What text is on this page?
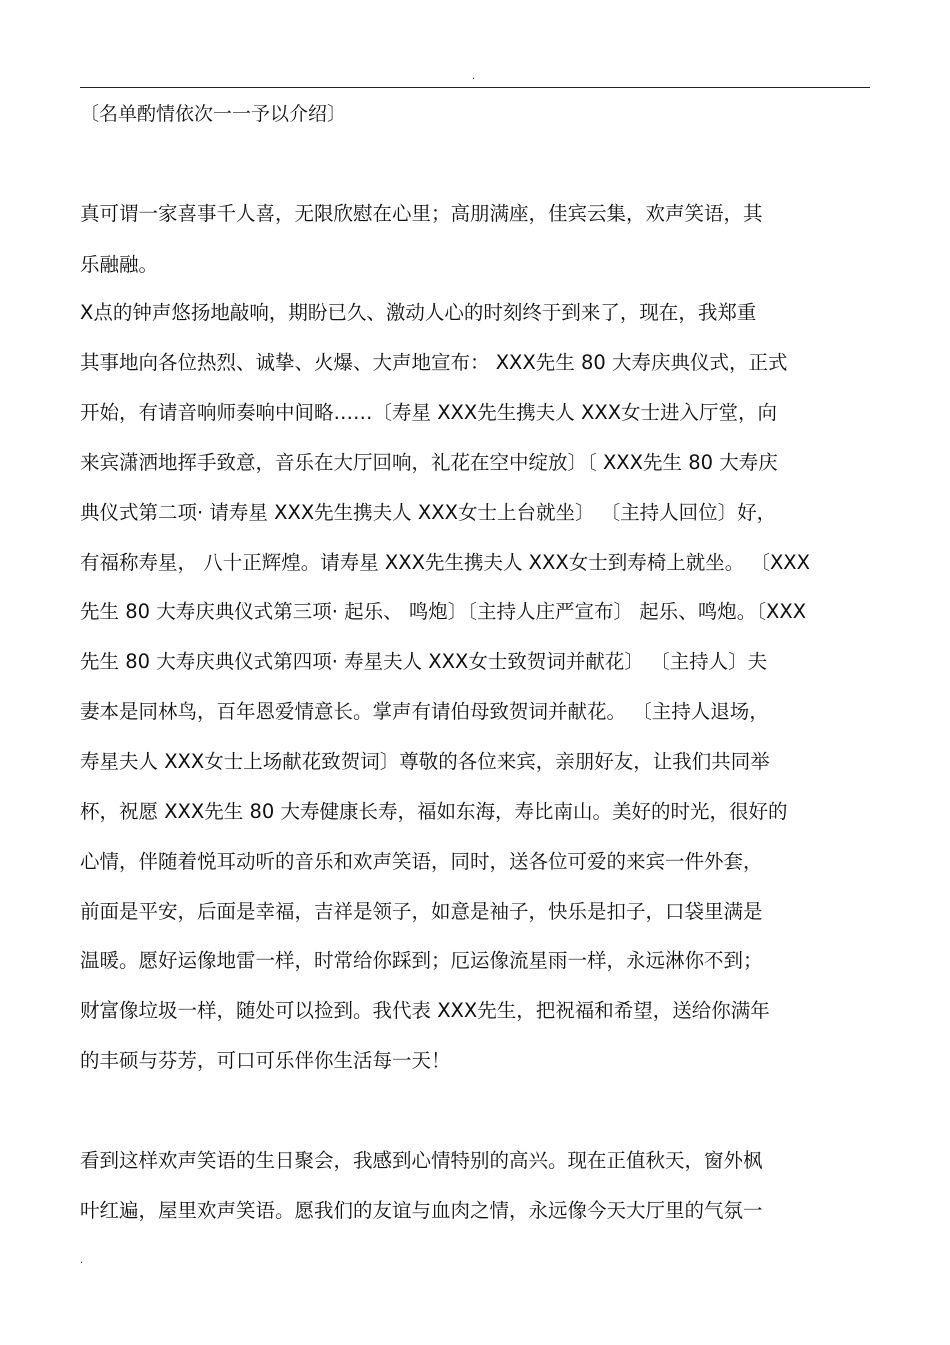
.
〔名单酌情依次一一予以介绍〕
真可谓一家喜事千人喜，无限欣慰在心里；高朋满座，佳宾云集，欢声笑语，其
乐融融。
X点的钟声悠扬地敲响，期盼已久、激动人心的时刻终于到来了，现在，我郑重
其事地向各位热烈、诚挚、火爆、大声地宣布： XXX先生 80 大寿庆典仪式，正式
开始，有请音响师奏响中间略……〔寿星 XXX先生携夫人 XXX女士进入厅堂，向
来宾潇洒地挥手致意，音乐在大厅回响，礼花在空中绽放〕〔 XXX先生 80 大寿庆
典仪式第二项· 请寿星 XXX先生携夫人 XXX女士上台就坐〕 〔主持人回位〕好，
有福称寿星， 八十正辉煌。请寿星 XXX先生携夫人 XXX女士到寿椅上就坐。 〔XXX
先生 80 大寿庆典仪式第三项· 起乐、 鸣炮〕〔主持人庄严宣布〕 起乐、鸣炮。〔XXX
先生 80 大寿庆典仪式第四项· 寿星夫人 XXX女士致贺词并献花〕 〔主持人〕夫
妻本是同林鸟，百年恩爱情意长。掌声有请伯母致贺词并献花。 〔主持人退场，
寿星夫人 XXX女士上场献花致贺词〕尊敬的各位来宾，亲朋好友，让我们共同举
杯，祝愿 XXX先生 80 大寿健康长寿，福如东海，寿比南山。美好的时光，很好的
心情，伴随着悦耳动听的音乐和欢声笑语，同时，送各位可爱的来宾一件外套，
前面是平安，后面是幸福，吉祥是领子，如意是袖子，快乐是扣子，口袋里满是
温暖。愿好运像地雷一样，时常给你踩到；厄运像流星雨一样，永远淋你不到；
财富像垃圾一样，随处可以捡到。我代表 XXX先生，把祝福和希望，送给你满年
的丰硕与芬芳，可口可乐伴你生活每一天！
看到这样欢声笑语的生日聚会，我感到心情特别的高兴。现在正值秋天，窗外枫
叶红遍，屋里欢声笑语。愿我们的友谊与血肉之情，永远像今天大厅里的气氛一
.
